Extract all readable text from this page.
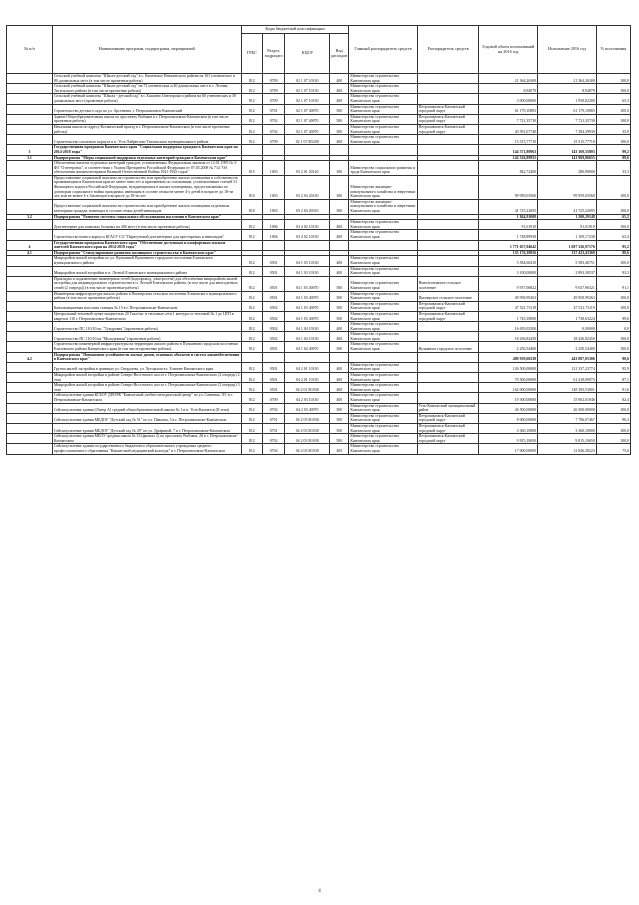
№ п/п	Наименование программ, подпрограмм, мероприятий	Коды бюджетной классификации				Главный распорядитель средств	Распорядитель средств	Годовой объем ассигнований на 2016 год	Исполнение 2016 год	% исполнения
		ГРБС	Раздел, подраздел	КЦСР	Вид расходов					
	Сельский учебный комплекс "Школа-детский сад" в с. Каменское Пенжинского района на 161 ученическое и 80 дошкольных мест (в том числе проектные работы)	812	0709	02 1 07 10130	400	Министерство строительства Камчатского края		21 364,26300	21 364,26300	100,0
	Сельский учебный комплекс "Школа-детский сад" на 72 ученических и 40 дошкольных мест в с. Лесная, Тигильского района (в том числе проектные работы)	812	0709	02 1 07 10130	400	Министерство строительства Камчатского края		8,94079	8,94079	100,0
	Сельский учебный комплекс "Школа - детский сад" в с.Хаилино Олюторского района на 60 ученических и 30 дошкольных мест (проектные работы)	812	0709	02 1 07 10130	400	Министерство строительства Камчатского края		3 000,00000	1 958,02300	65,3
	Строительство детского сада по ул. Арсеньева, г. Петропавловск-Камчатский	812	0701	02 1 07 40070	500	Министерство строительства Камчатского края	Петропавловск-Камчатский городской округ	61 179,10883	61 179,10883	100,0
	Здание Общеобразовательная школа по проспекту Рыбаков в г. Петропавловске-Камчатском (в том числе проектные работы)	812	0702	02 1 07 40070	500	Министерство строительства Камчатского края	Петропавловск-Камчатский городской округ	7 721,35730	7 721,35730	100,0
	Начальная школа по адресу Космический проезд в г. Петропавловске-Камчатском (в том числе проектные работы)	812	0702	02 1 07 40070	500	Министерство строительства Камчатского края	Петропавловск-Камчатский городской округ	20 591,07740	7 384,39930	35,9
	Строительство спального корпуса в п. Усть-Хайрюзово Тигильского муниципального района	812	0709	02 1 07 R5200	400	Министерство строительства Камчатского края		15 515,77710	15 515,77710	100,0
3	Государственная программа Камчатского края "Социальная поддержка граждан в Камчатском крае на 2014-2018 годы"							144 371,80963	143 169,35803	99,2
3.1	Подпрограмма "Меры социальной поддержки отдельных категорий граждан в Камчатском крае"							142 526,89955	141 969,06655	99,6
	Обеспечение жильем отдельных категорий граждан, установленных Федеральным законом от 12.01.1995 № 5-ФЗ "О ветеранах", в соответствии с Указом Президента Российской Федерации от 07.05.2008 № 714 "Об обеспечении жильем ветеранов Великой Отечественной Войны 1941-1945 годов"	815	1003	03 2 01 20120	300	Министерство социального развития и труда Камчатского края		842,72400	280,90000	33,3
	Предоставление социальной выплаты на строительство или приобретение жилого помещения в собственность проживающим в Камчатском крае не менее пяти лет и признанным по основаниям, установленным статьей 51 Жилищного кодекса Российской Федерации, нуждающимися в жилых помещениях, предоставляемых по договорам социального найма гражданам, имеющим в составе семьи не менее 4-х детей в возрасте до 18-ти лет, или не менее 3-х близнецов в возрасте до 18-ти лет	810	1003	03 2 04 20130	300	Министерство жилищно-коммунального хозяйства и энергетики Камчатского края		99 959,03560	99 959,03560	100,0
	Предоставление социальной выплаты на строительство или приобретение жилого помещения отдельным категориям граждан, имеющих в составе семьи детей-инвалидов	810	1003	03 2 04 20310	300	Министерство жилищно-коммунального хозяйства и энергетики Камчатского края		41 725,22695	41 725,22695	100,0
3.2	Подпрограмма "Развитие системы социального обслуживания населения в Камчатском крае"							1 844,91008	1 200,29148	65,2
	Дом-интернат для пожилых больных на 400 мест (в том числе проектные работы)	812	1006	03 4 02 10130	400	Министерство строительства Камчатского края		91,01910	91,01910	100,0
	Строительство нового корпуса КГАСУ СО "Паратунский дом-интернат для престарелых и инвалидов"	812	1006	03 4 02 10130	400	Министерство строительства Камчатского края		1 748,89938	1 109,17238	63,4
4	Государственная программа Камчатского края "Обеспечение доступным и комфортным жильем жителей Камчатского края на 2014-2018 годы"							1 771 657,04642	1 687 326,97176	95,2
4.1	Подпрограмма "Стимулирование развития жилищного строительства в Камчатском крае"							155 176,10856	137 423,43368	88,6
	Микрорайон жилой застройки по ул. Вулканной Вулканного городского поселения Елизовского муниципального района	812	0501	04 1 03 10130	400	Министерство строительства Камчатского края		5 584,60410	5 583,46751	100,0
	Микрорайон жилой застройки в п. Лесной Елизовского муниципального района	812	0501	04 1 03 10130	400	Министерство строительства Камчатского края		3 100,00000	2 893,30537	93,3
	Прокладка и подключение инженерных сетей (водопровод, электросети) для обеспечения микрорайона жилой застройки для индивидуального строительства в п. Лесной Елизовского района, (в том числе для многодетных семей (2 очередь)) (в том числе проектные работы)	812	0501	04 1 03 40070	500	Министерство строительства Камчатского края	Новолесновское сельское поселение	9 917,06822	9 037,96321	91,1
	Инженерная инфраструктура жилого района в Пионерском сельском поселении Елизовского муниципального района (в том числе проектные работы)	812	0501	04 1 03 40070	500	Министерство строительства Камчатского края	Пионерское сельское поселение	49 958,99263	49 958,99263	100,0
	Канализационная насосная станция № 15 в г. Петропавловске-Камчатском	812	0502	04 1 03 40070	500	Министерство строительства Камчатского края	Петропавловск-Камчатский городской округ	47 521,73119	47 521,73119	100,0
	Центральный тепловой пункт мощностью 20 Гкал/час и тепловые сети 1 контура от тепловой № 1 до ЦТП в квартале 110 г. Петропавловск-Камчатского	812	0502	04 1 03 40070	500	Министерство строительства Камчатского края	Петропавловск-Камчатский городской округ	1 745,39000	1 738,63224	99,6
	Строительство ПС 110/10 кв. "Тундровая" (проектные работы)	812	0502	04 1 04 10130	400	Министерство строительства Камчатского края		16 659,02500	0,00000	0,0
	Строительство ПС 110/10 кв "Молодежная" (проектные работы)	812	0502	04 1 04 10130	400	Министерство строительства Камчатского края		18 436,82450	18 436,82450	100,0
	Строительство инженерной инфраструктуры на территории жилого района в Пулканном городском поселении Елизовского района Камчатского края (в том числе проектные работы)	812	0501	04 1 04 40070	500	Министерство строительства Камчатского края	Вулканное городское поселение	2 250,54400	2 250,54400	100,0
4.2	Подпрограмма "Повышение устойчивости жилых домов, основных объектов и систем жизнеобеспечения в Камчатском крае"							489 939,60238	443 887,05386	90,6
	Группа жилой застройки в границах ул. Свердлова, ул. Хуторская в г. Елизове Камчатского края	812	0501	04 2 01 10130	400	Министерство строительства Камчатского края		126 500,00000	121 337,23774	95,9
	Микрорайон жилой застройки в районе Северо-Восточного шоссе г. Петропавловска-Камчатского (2 очередь) 2 этап	812	0501	04 2 01 10130	400	Министерство строительства Камчатского края		70 500,00000	61 418,09075	87,1
	Микрорайон жилой застройки в районе Северо-Восточного шоссе г. Петропавловска-Камчатского (2 очередь) 3 этап	812	0501	04 2 01 R1030	400	Министерство строительства Камчатского края		162 000,00000	148 395,53001	91,6
	Сейсмоусиление здания КГБОУ ДПОРК "Камчатский учебно-методический центр" по ул. Савченко, 9/1 в г. Петропавловске-Камчатском	812	0709	04 2 03 10130	400	Министерство строительства Камчатского края		19 300,00000	15 902,01846	82,4
	Сейсмоусиление здания (Литер А) средней общеобразовательной школы № 3 в п. Усть-Камчатск (II этап)	812	0702	04 2 03 40070	500	Министерство строительства Камчатского края	Усть-Камчатский муниципальный район	26 500,00000	26 500,00000	100,0
	Сейсмоусиление здания МБДОУ "Детский сад № 51" по ул. Павлова, 5 в г. Петропавловске-Камчатском	812	0701	04 2 03 R1030	500	Министерство строительства Камчатского края	Петропавловск-Камчатский городской округ	8 000,00000	7 706,07467	96,3
	Сейсмоусиление здания МБДОУ "Детский сад № 29" по ул. Дрофиной, 7 в г. Петропавловске-Камчатском	812	0701	04 2 03 R1030	500	Министерство строительства Камчатского края	Петропавловск-Камчатский городской округ	3 360,10000	3 360,10000	100,0
	Сейсмоусиление здания МБОУ средняя школа № 33 (филиал 2) по проспекту Рыбаков, 28 в г. Петропавловске-Камчатском	812	0702	04 2 03 R1030	500	Министерство строительства Камчатского края	Петропавловск-Камчатский городской округ	9 815,10650	9 815,10650	100,0
	Сейсмоусиление здания государственного бюджетного образовательного учреждения среднего профессионального образования "Камчатский медицинский колледж" в г. Петропавловске-Камчатском	812	0704	04 2 03 R1030	400	Министерство строительства Камчатского края		17 000,00000	12 846,38223	75,6
4
